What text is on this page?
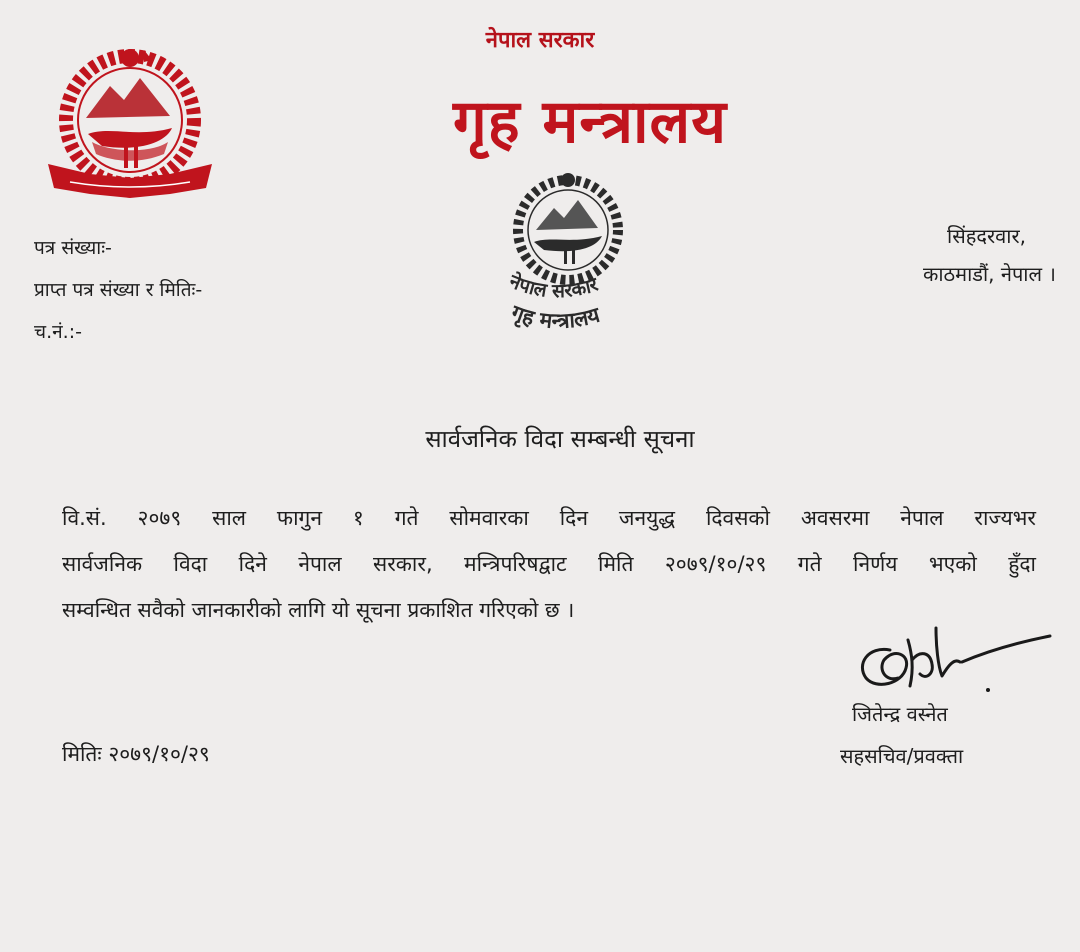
नेपाल सरकार
गृह मन्त्रालय
नेपाल सरकार
गृह मन्त्रालय
पत्र संख्याः-
प्राप्त पत्र संख्या र मितिः-
च.नं.:-
सिंहदरवार,
काठमाडौं, नेपाल ।
सार्वजनिक विदा सम्बन्धी सूचना
वि.सं. २०७९ साल फागुन १ गते सोमवारका दिन जनयुद्ध दिवसको अवसरमा नेपाल राज्यभर
सार्वजनिक विदा दिने नेपाल सरकार, मन्त्रिपरिषद्वाट मिति २०७९/१०/२९ गते निर्णय भएको हुँदा
सम्वन्धित सवैको जानकारीको लागि यो सूचना प्रकाशित गरिएको छ ।
जितेन्द्र वस्नेत
सहसचिव/प्रवक्ता
मितिः २०७९/१०/२९
